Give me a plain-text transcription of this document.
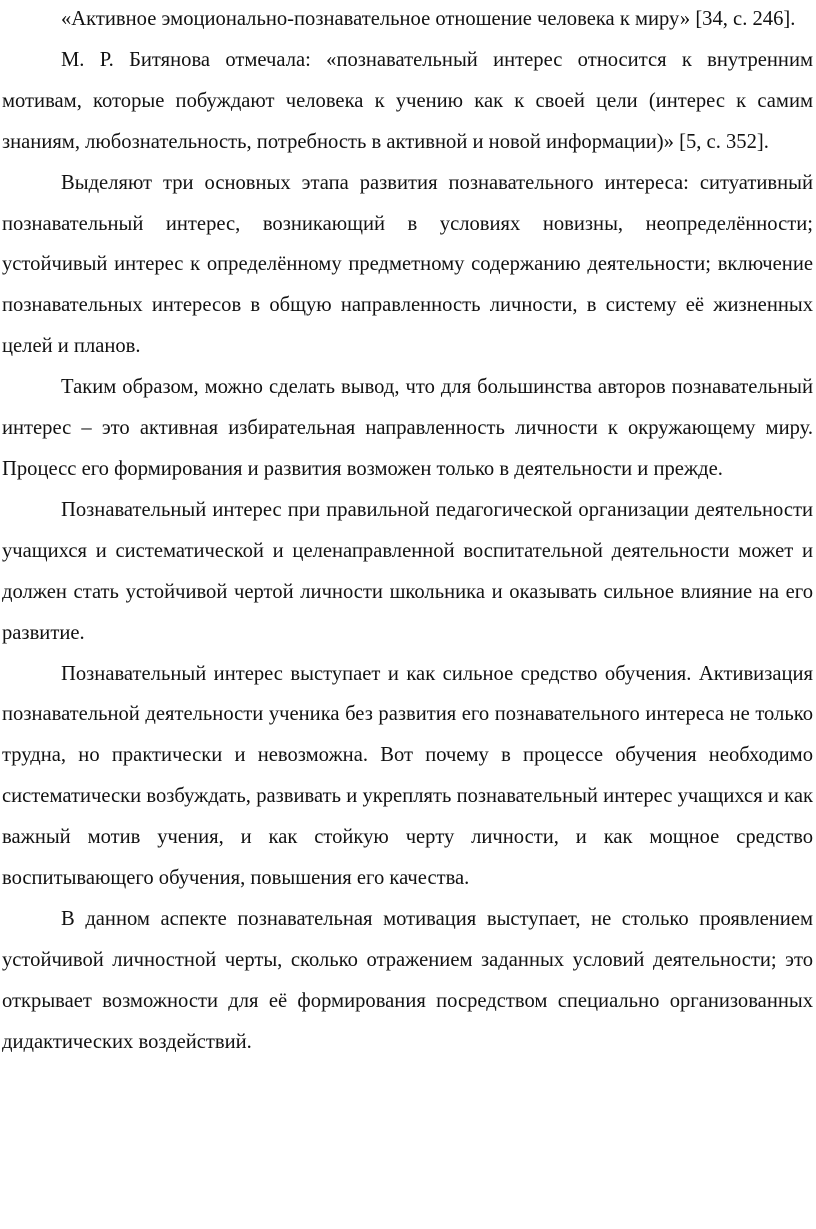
«Активное эмоционально-познавательное отношение человека к миру» [34, с. 246].

М. Р. Битянова отмечала: «познавательный интерес относится к внутренним мотивам, которые побуждают человека к учению как к своей цели (интерес к самим знаниям, любознательность, потребность в активной и новой информации)» [5, с. 352].

Выделяют три основных этапа развития познавательного интереса: ситуативный познавательный интерес, возникающий в условиях новизны, неопределённости; устойчивый интерес к определённому предметному содержанию деятельности; включение познавательных интересов в общую направленность личности, в систему её жизненных целей и планов.

Таким образом, можно сделать вывод, что для большинства авторов познавательный интерес – это активная избирательная направленность личности к окружающему миру. Процесс его формирования и развития возможен только в деятельности и прежде.

Познавательный интерес при правильной педагогической организации деятельности учащихся и систематической и целенаправленной воспитательной деятельности может и должен стать устойчивой чертой личности школьника и оказывать сильное влияние на его развитие.

Познавательный интерес выступает и как сильное средство обучения. Активизация познавательной деятельности ученика без развития его познавательного интереса не только трудна, но практически и невозможна. Вот почему в процессе обучения необходимо систематически возбуждать, развивать и укреплять познавательный интерес учащихся и как важный мотив учения, и как стойкую черту личности, и как мощное средство воспитывающего обучения, повышения его качества.

В данном аспекте познавательная мотивация выступает, не столько проявлением устойчивой личностной черты, сколько отражением заданных условий деятельности; это открывает возможности для её формирования посредством специально организованных дидактических воздействий.
